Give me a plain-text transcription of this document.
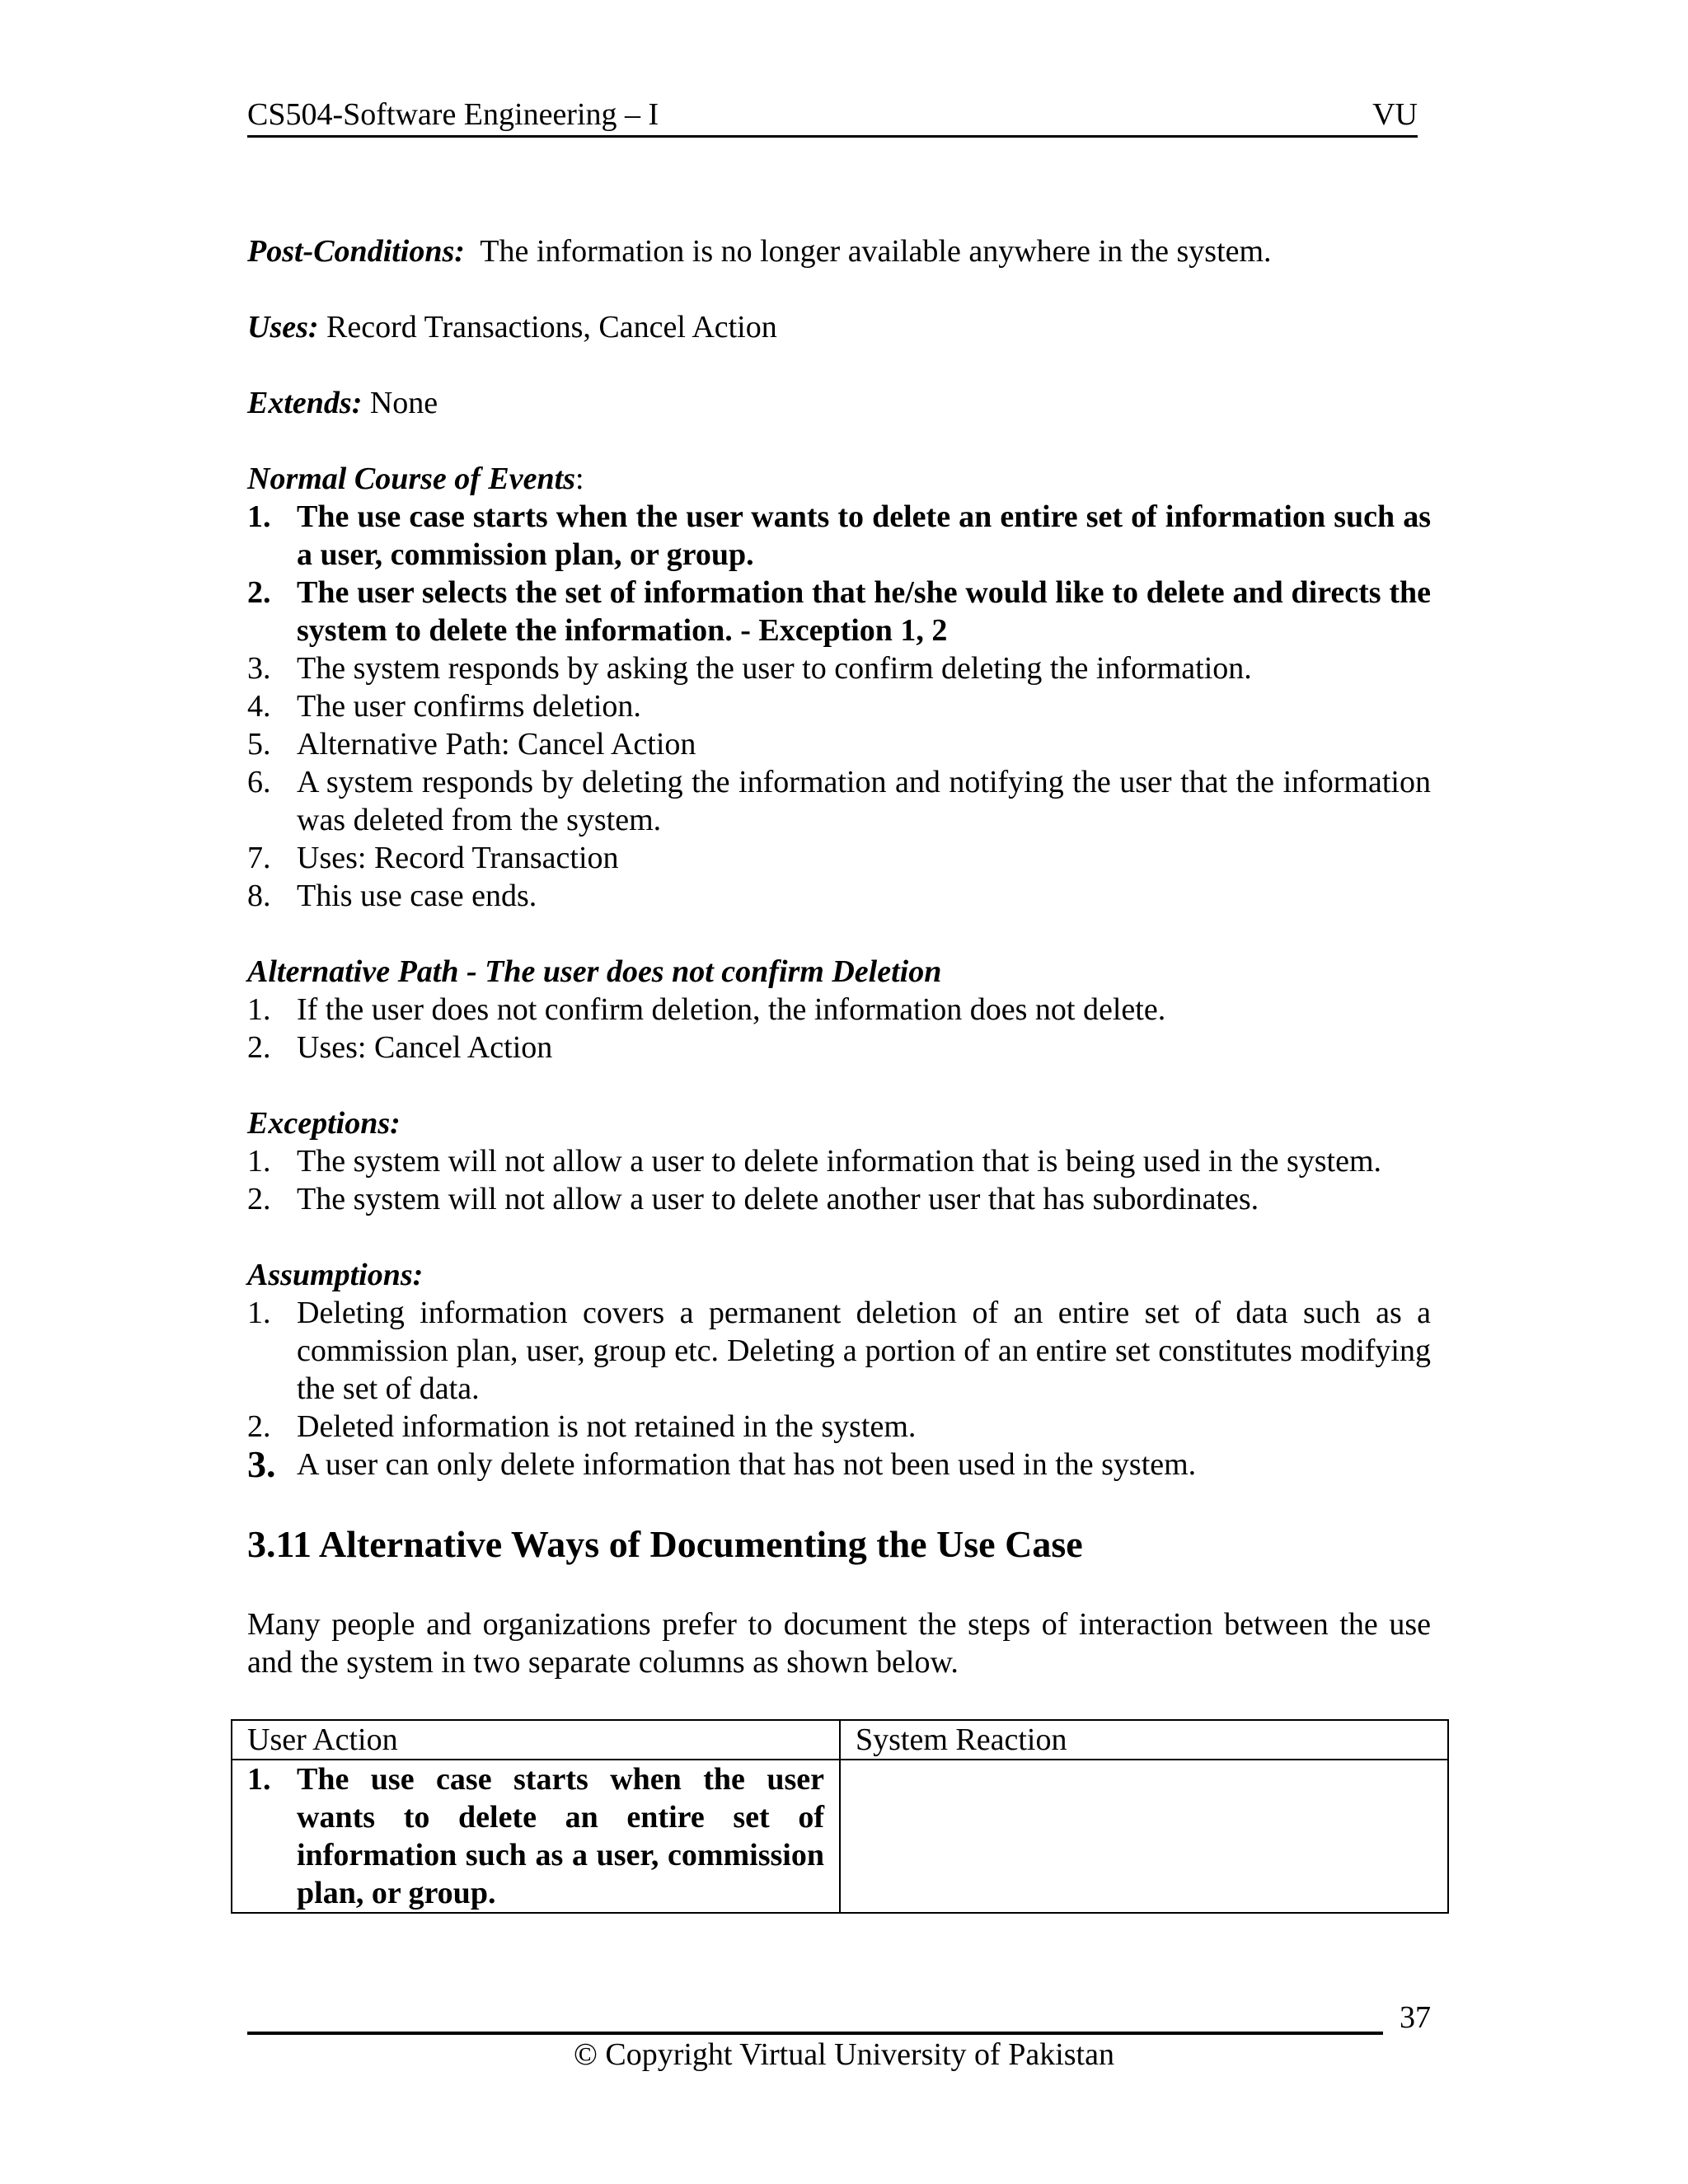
CS504-Software Engineering – I	VU

Post-Conditions: The information is no longer available anywhere in the system.

Uses: Record Transactions, Cancel Action

Extends: None

Normal Course of Events:

1. The use case starts when the user wants to delete an entire set of information such as a user, commission plan, or group.
2. The user selects the set of information that he/she would like to delete and directs the system to delete the information. - Exception 1, 2
3. The system responds by asking the user to confirm deleting the information.
4. The user confirms deletion.
5. Alternative Path: Cancel Action
6. A system responds by deleting the information and notifying the user that the information was deleted from the system.
7. Uses: Record Transaction
8. This use case ends.

Alternative Path - The user does not confirm Deletion

1. If the user does not confirm deletion, the information does not delete.
2. Uses: Cancel Action

Exceptions:

1. The system will not allow a user to delete information that is being used in the system.
2. The system will not allow a user to delete another user that has subordinates.

Assumptions:

1. Deleting information covers a permanent deletion of an entire set of data such as a commission plan, user, group etc. Deleting a portion of an entire set constitutes modifying the set of data.
2. Deleted information is not retained in the system.
3. A user can only delete information that has not been used in the system.
3.11 Alternative Ways of Documenting the Use Case

Many people and organizations prefer to document the steps of interaction between the use and the system in two separate columns as shown below.

User Action	System Reaction

1. The use case starts when the user wants to delete an entire set of information such as a user, commission plan, or group.	

37
© Copyright Virtual University of Pakistan
